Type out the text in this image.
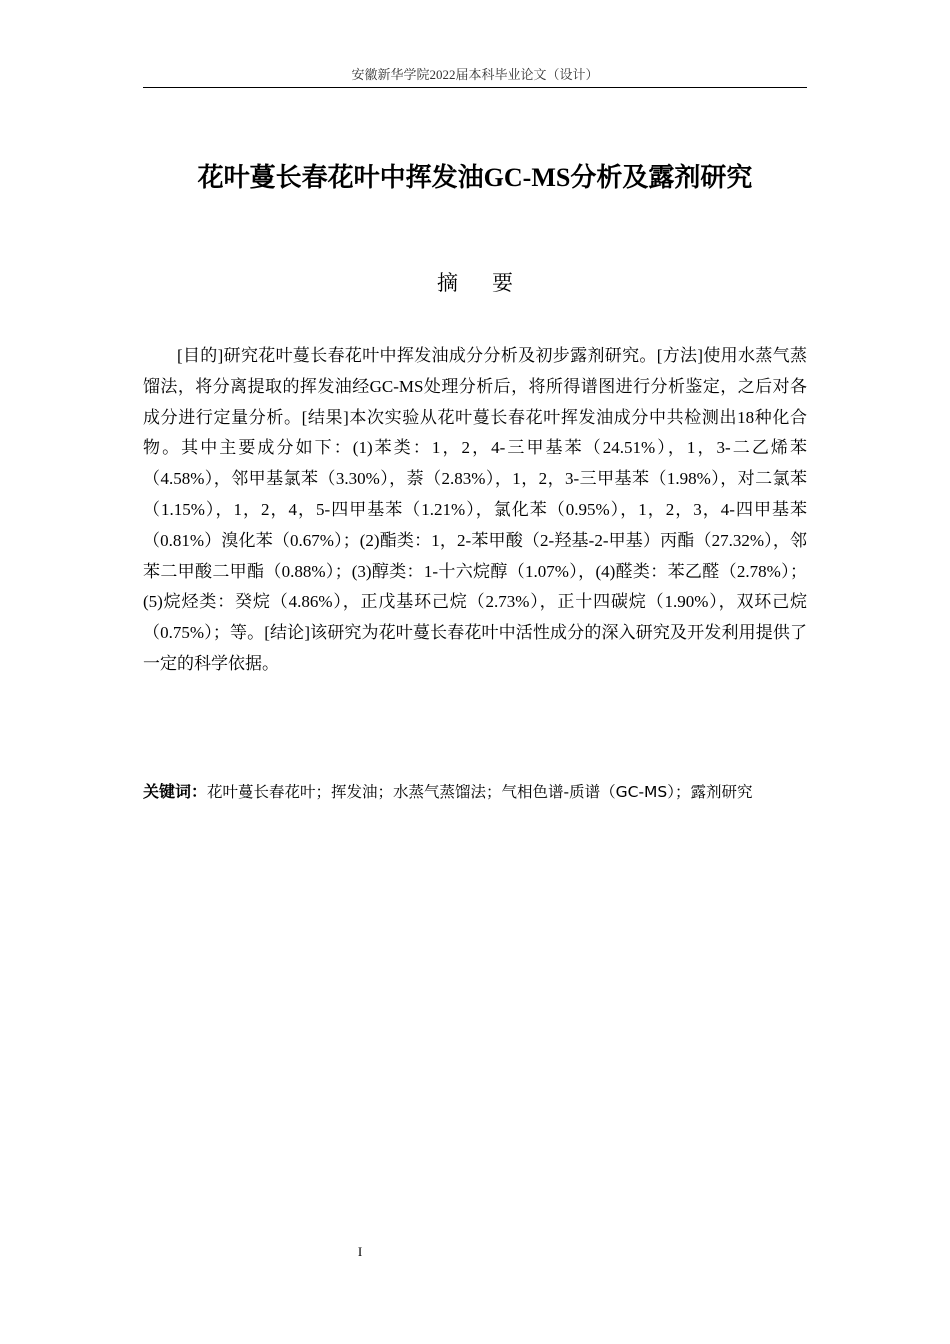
安徽新华学院2022届本科毕业论文（设计）
花叶蔓长春花叶中挥发油GC-MS分析及露剂研究
摘 要

[目的]研究花叶蔓长春花叶中挥发油成分分析及初步露剂研究。[方法]使用水蒸气蒸馏法，将分离提取的挥发油经GC-MS处理分析后，将所得谱图进行分析鉴定，之后对各成分进行定量分析。[结果]本次实验从花叶蔓长春花叶挥发油成分中共检测出18种化合物。其中主要成分如下：(1)苯类：1，2，4-三甲基苯（24.51%），1，3-二乙烯苯（4.58%），邻甲基氯苯（3.30%），萘（2.83%），1，2，3-三甲基苯（1.98%），对二氯苯（1.15%），1，2，4，5-四甲基苯（1.21%），氯化苯（0.95%），1，2，3，4-四甲基苯（0.81%）溴化苯（0.67%）；(2)酯类：1，2-苯甲酸（2-羟基-2-甲基）丙酯（27.32%），邻苯二甲酸二甲酯（0.88%）；(3)醇类：1-十六烷醇（1.07%），(4)醛类：苯乙醛（2.78%）；(5)烷烃类：癸烷（4.86%），正戊基环己烷（2.73%），正十四碳烷（1.90%），双环己烷（0.75%）；等。[结论]该研究为花叶蔓长春花叶中活性成分的深入研究及开发利用提供了一定的科学依据。

关键词：花叶蔓长春花叶；挥发油；水蒸气蒸馏法；气相色谱-质谱（GC-MS）；露剂研究

I
